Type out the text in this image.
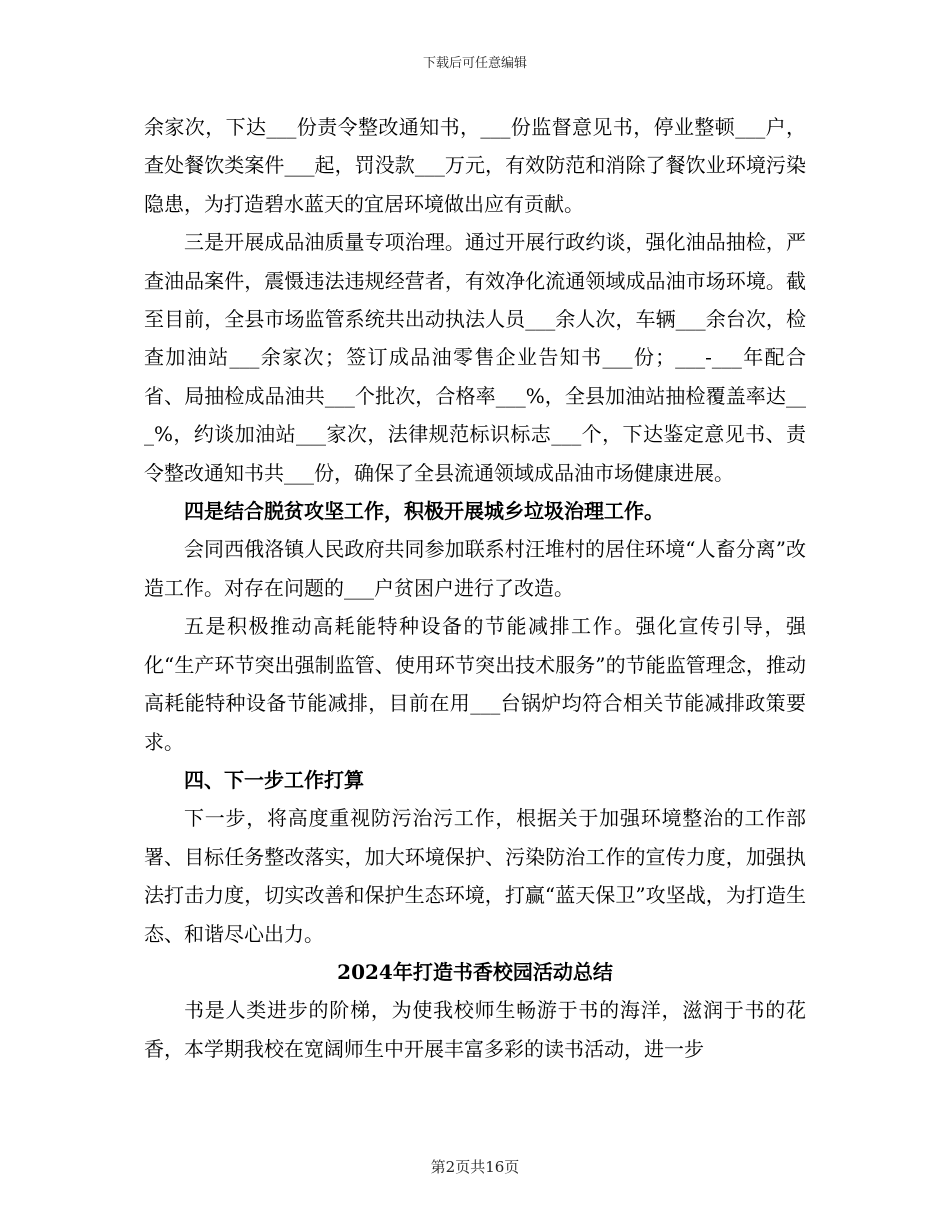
下载后可任意编辑

余家次，下达___份责令整改通知书，___份监督意见书，停业整顿___户，查处餐饮类案件___起，罚没款___万元，有效防范和消除了餐饮业环境污染隐患，为打造碧水蓝天的宜居环境做出应有贡献。

三是开展成品油质量专项治理。通过开展行政约谈，强化油品抽检，严查油品案件，震慑违法违规经营者，有效净化流通领域成品油市场环境。截至目前，全县市场监管系统共出动执法人员___余人次，车辆___余台次，检查加油站___余家次；签订成品油零售企业告知书___份；___-___年配合省、局抽检成品油共___个批次，合格率___%，全县加油站抽检覆盖率达___%，约谈加油站___家次，法律规范标识标志___个，下达鉴定意见书、责令整改通知书共___份，确保了全县流通领域成品油市场健康进展。

四是结合脱贫攻坚工作，积极开展城乡垃圾治理工作。

会同西俄洛镇人民政府共同参加联系村汪堆村的居住环境“人畜分离”改造工作。对存在问题的___户贫困户进行了改造。

五是积极推动高耗能特种设备的节能减排工作。强化宣传引导，强化“生产环节突出强制监管、使用环节突出技术服务”的节能监管理念，推动高耗能特种设备节能减排，目前在用___台锅炉均符合相关节能减排政策要求。

四、下一步工作打算

下一步，将高度重视防污治污工作，根据关于加强环境整治的工作部署、目标任务整改落实，加大环境保护、污染防治工作的宣传力度，加强执法打击力度，切实改善和保护生态环境，打赢“蓝天保卫”攻坚战，为打造生态、和谐尽心出力。

2024年打造书香校园活动总结

书是人类进步的阶梯，为使我校师生畅游于书的海洋，滋润于书的花香，本学期我校在宽阔师生中开展丰富多彩的读书活动，进一步

第2页共16页
